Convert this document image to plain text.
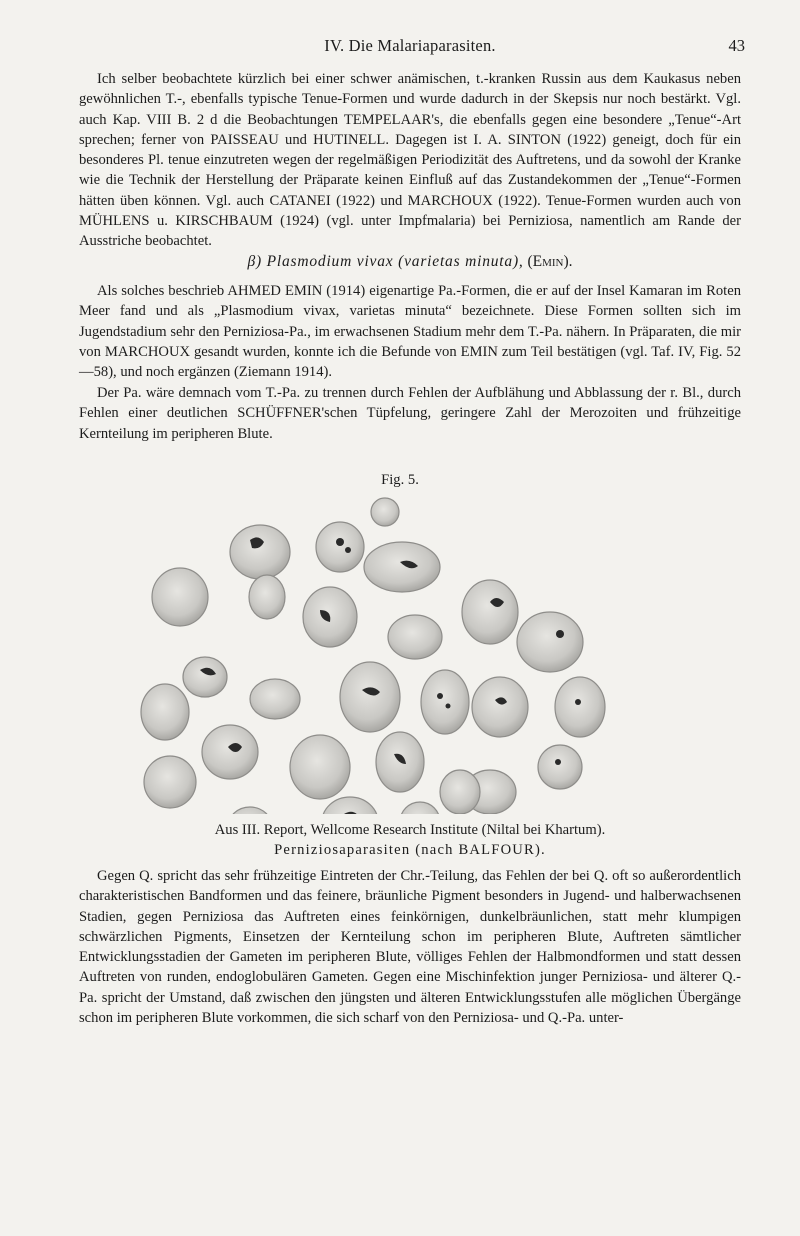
IV. Die Malariaparasiten.	43

Ich selber beobachtete kürzlich bei einer schwer anämischen, t.-kranken Russin aus dem Kaukasus neben gewöhnlichen T.-, ebenfalls typische Tenue-Formen und wurde dadurch in der Skepsis nur noch bestärkt. Vgl. auch Kap. VIII B. 2 d die Beobachtungen TEMPELAAR's, die ebenfalls gegen eine besondere „Tenue“-Art sprechen; ferner von PAISSEAU und HUTINELL. Dagegen ist I. A. SINTON (1922) geneigt, doch für ein besonderes Pl. tenue einzutreten wegen der regelmäßigen Periodizität des Auftretens, und da sowohl der Kranke wie die Technik der Herstellung der Präparate keinen Einfluß auf das Zustandekommen der „Tenue“-Formen hätten üben können. Vgl. auch CATANEI (1922) und MARCHOUX (1922). Tenue-Formen wurden auch von MÜHLENS u. KIRSCHBAUM (1924) (vgl. unter Impfmalaria) bei Perniziosa, namentlich am Rande der Ausstriche beobachtet.

β) Plasmodium vivax (varietas minuta), (Emin).

Als solches beschrieb AHMED EMIN (1914) eigenartige Pa.-Formen, die er auf der Insel Kamaran im Roten Meer fand und als „Plasmodium vivax, varietas minuta“ bezeichnete. Diese Formen sollten sich im Jugendstadium sehr den Perniziosa-Pa., im erwachsenen Stadium mehr dem T.-Pa. nähern. In Präparaten, die mir von MARCHOUX gesandt wurden, konnte ich die Befunde von EMIN zum Teil bestätigen (vgl. Taf. IV, Fig. 52—58), und noch ergänzen (Ziemann 1914).

Der Pa. wäre demnach vom T.-Pa. zu trennen durch Fehlen der Aufblähung und Abblassung der r. Bl., durch Fehlen einer deutlichen SCHÜFFNER'schen Tüpfelung, geringere Zahl der Merozoiten und frühzeitige Kernteilung im peripheren Blute.

Fig. 5.
Aus III. Report, Wellcome Research Institute (Niltal bei Khartum).
Perniziosaparasiten (nach BALFOUR).

Gegen Q. spricht das sehr frühzeitige Eintreten der Chr.-Teilung, das Fehlen der bei Q. oft so außerordentlich charakteristischen Bandformen und das feinere, bräunliche Pigment besonders in Jugend- und halberwachsenen Stadien, gegen Perniziosa das Auftreten eines feinkörnigen, dunkelbräunlichen, statt mehr klumpigen schwärzlichen Pigments, Einsetzen der Kernteilung schon im peripheren Blute, Auftreten sämtlicher Entwicklungsstadien der Gameten im peripheren Blute, völliges Fehlen der Halbmondformen und statt dessen Auftreten von runden, endoglobulären Gameten. Gegen eine Mischinfektion junger Perniziosa- und älterer Q.-Pa. spricht der Umstand, daß zwischen den jüngsten und älteren Entwicklungsstufen alle möglichen Übergänge schon im peripheren Blute vorkommen, die sich scharf von den Perniziosa- und Q.-Pa. unter-
